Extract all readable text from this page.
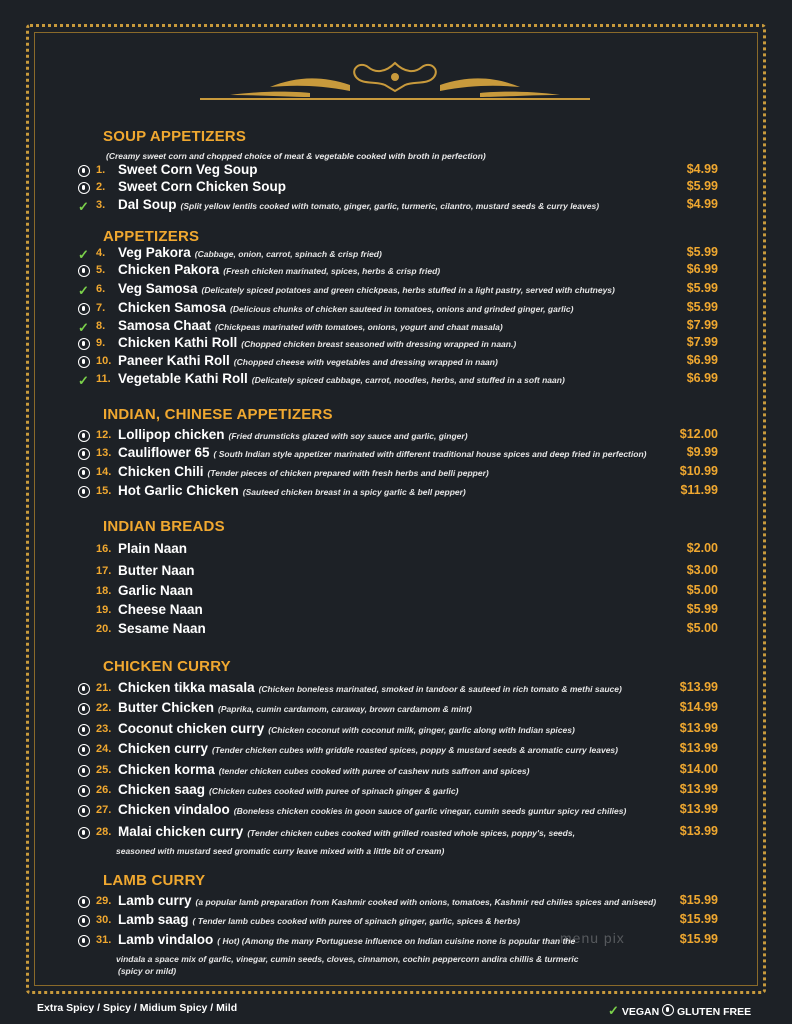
SOUP APPETIZERS
(Creamy sweet corn and chopped choice of meat & vegetable cooked with broth in perfection)
1. Sweet Corn Veg Soup	$4.99
2. Sweet Corn Chicken Soup	$5.99
✓ 3. Dal Soup (Split yellow lentils cooked with tomato, ginger, garlic, turmeric, cilantro, mustard seeds & curry leaves)	$4.99
APPETIZERS
✓ 4. Veg Pakora (Cabbage, onion, carrot, spinach & crisp fried)	$5.99
5. Chicken Pakora (Fresh chicken marinated, spices, herbs & crisp fried)	$6.99
✓ 6. Veg Samosa (Delicately spiced potatoes and green chickpeas, herbs stuffed in a light pastry, served with chutneys)	$5.99
7. Chicken Samosa (Delicious chunks of chicken sauteed in tomatoes, onions and grinded ginger, garlic)	$5.99
✓ 8. Samosa Chaat (Chickpeas marinated with tomatoes, onions, yogurt and chaat masala)	$7.99
9. Chicken Kathi Roll (Chopped chicken breast seasoned with dressing wrapped in naan.)	$7.99
10. Paneer Kathi Roll (Chopped cheese with vegetables and dressing wrapped in naan)	$6.99
✓ 11. Vegetable Kathi Roll (Delicately spiced cabbage, carrot, noodles, herbs, and stuffed in a soft naan)	$6.99
INDIAN, CHINESE APPETIZERS
12. Lollipop chicken (Fried drumsticks glazed with soy sauce and garlic, ginger)	$12.00
13. Cauliflower 65 ( South Indian style appetizer marinated with different traditional house spices and deep fried in perfection)	$9.99
14. Chicken Chili (Tender pieces of chicken prepared with fresh herbs and belli pepper)	$10.99
15. Hot Garlic Chicken (Sauteed chicken breast in a spicy garlic & bell pepper)	$11.99
INDIAN BREADS
16. Plain Naan	$2.00
17. Butter Naan	$3.00
18. Garlic Naan	$5.00
19. Cheese Naan	$5.99
20. Sesame Naan	$5.00
CHICKEN CURRY
21. Chicken tikka masala (Chicken boneless marinated, smoked in tandoor & sauteed in rich tomato & methi sauce)	$13.99
22. Butter Chicken (Paprika, cumin cardamom, caraway, brown cardamom & mint)	$14.99
23. Coconut chicken curry (Chicken coconut with coconut milk, ginger, garlic along with Indian spices)	$13.99
24. Chicken curry (Tender chicken cubes with griddle roasted spices, poppy & mustard seeds & aromatic curry leaves)	$13.99
25. Chicken korma (tender chicken cubes cooked with puree of cashew nuts saffron and spices)	$14.00
26. Chicken saag (Chicken cubes cooked with puree of spinach ginger & garlic)	$13.99
27. Chicken vindaloo (Boneless chicken cookies in goon sauce of garlic vinegar, cumin seeds guntur spicy red chilies)	$13.99
28. Malai chicken curry (Tender chicken cubes cooked with grilled roasted whole spices, poppy's, seeds,	$13.99
seasoned with mustard seed gromatic curry leave mixed with a little bit of cream)
LAMB CURRY
29. Lamb curry (a popular lamb preparation from Kashmir cooked with onions, tomatoes, Kashmir red chilies spices and aniseed) $15.99
30. Lamb saag ( Tender lamb cubes cooked with puree of spinach ginger, garlic, spices & herbs)	$15.99
31. Lamb vindaloo ( Hot) (Among the many Portuguese influence on Indian cuisine none is popular than the	$15.99
vindala a space mix of garlic, vinegar, cumin seeds, cloves, cinnamon, cochin peppercorn andira chillis & turmeric
(spicy or mild)
menu pix
Extra Spicy / Spicy / Midium Spicy / Mild	✓ VEGAN GLUTEN FREE
